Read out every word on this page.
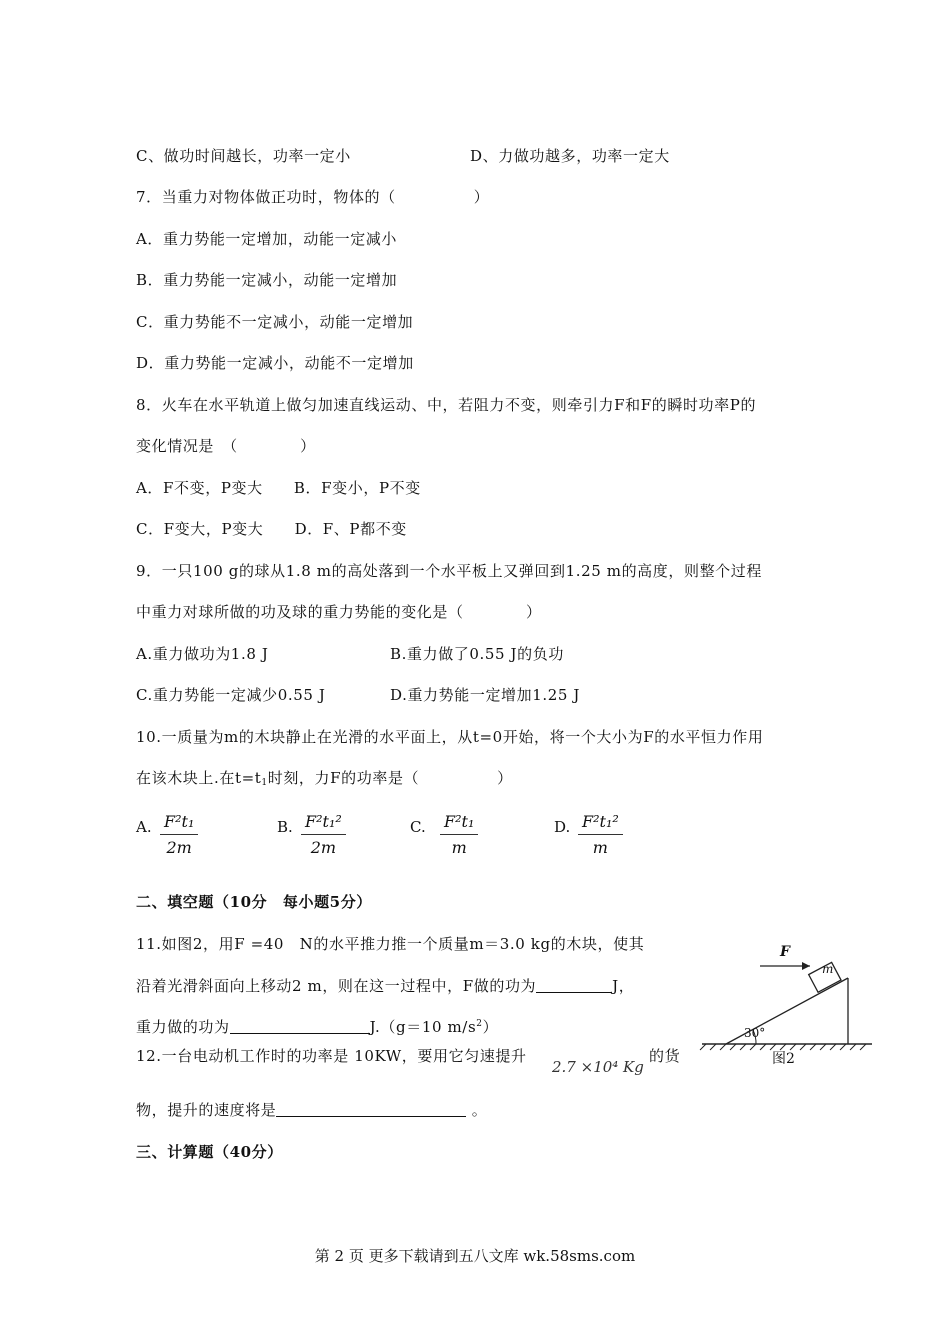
C、做功时间越长，功率一定小	D、力做功越多，功率一定大
7．当重力对物体做正功时，物体的（　　　　　）
A．重力势能一定增加，动能一定减小
B．重力势能一定减小，动能一定增加
C．重力势能不一定减小，动能一定增加
D．重力势能一定减小，动能不一定增加
8．火车在水平轨道上做匀加速直线运动、中，若阻力不变，则牵引力F和F的瞬时功率P的
变化情况是　（　　　　）
A．F不变，P变大　　B．F变小，P不变
C．F变大，P变大　　D．F、P都不变
9．一只100 g的球从1.8 m的高处落到一个水平板上又弹回到1.25 m的高度，则整个过程
中重力对球所做的功及球的重力势能的变化是（　　　　）
A.重力做功为1.8 J	B.重力做了0.55 J的负功
C.重力势能一定减少0.55 J	D.重力势能一定增加1.25 J
10.一质量为m的木块静止在光滑的水平面上，从t=0开始，将一个大小为F的水平恒力作用
在该木块上.在$t=t_1$时刻，力F的功率是（　　　　　）
A. $\frac{\text{F²t₁}}{2m}$	B. $\frac{\text{F²t₁²}}{2m}$	C. $\frac{\text{F²t₁}}{m}$	D. $\frac{\text{F²t₁²}}{m}$
二、填空题（10分　每小题5分）
11.如图2，用F =40　N的水平推力推一个质量m＝3.0 kg的木块，使其
沿着光滑斜面向上移动2 m，则在这一过程中，F做的功为	J，
重力做的功为	J.（g＝10 $m/s^2$）
12.一台电动机工作时的功率是 10KW，要用它匀速提升
2.7 ×10⁴ Kg
的货
物，提升的速度将是	。
三、计算题（40分）
F
m
30°
图2
第 2 页 更多下载请到五八文库 wk.58sms.com
